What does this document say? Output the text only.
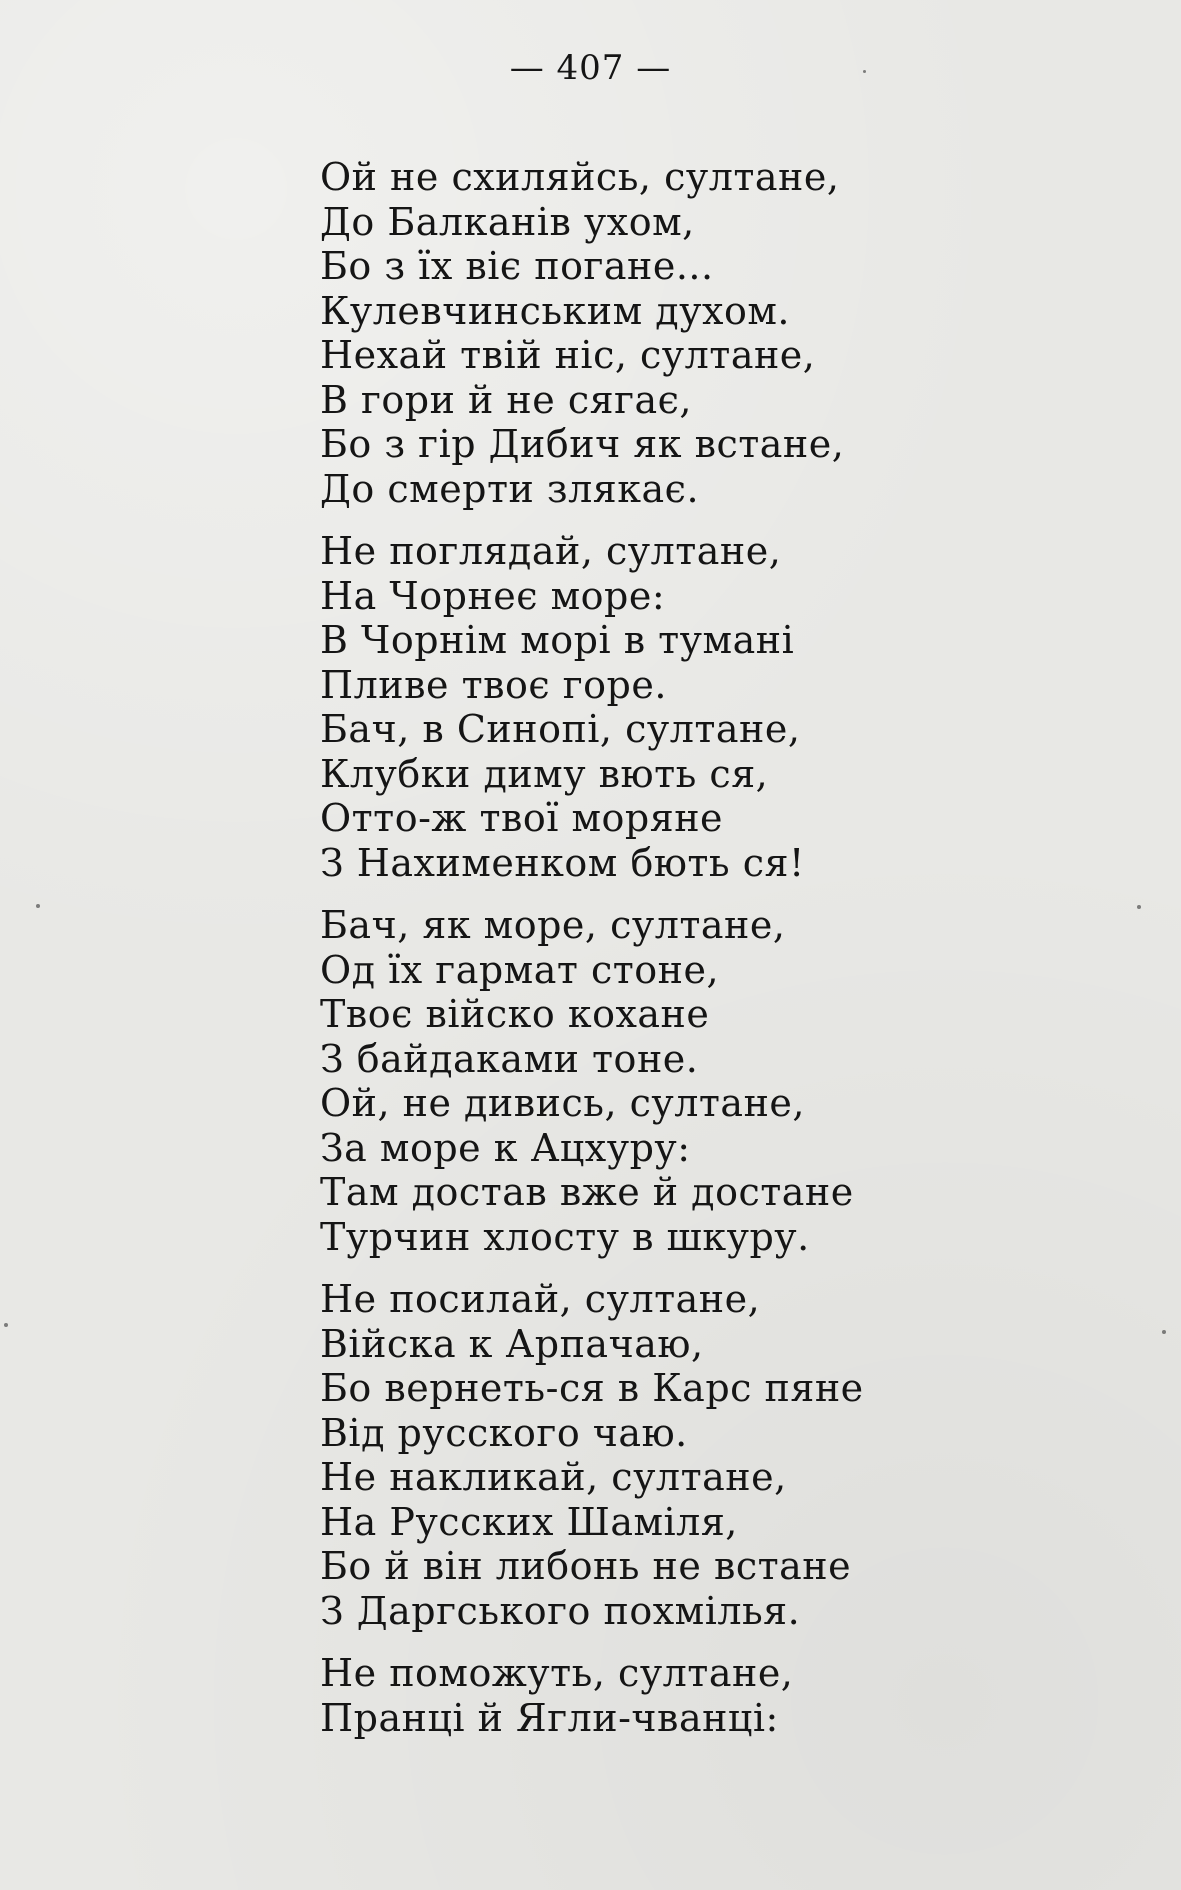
— 407 —
Ой не схиляйсь, султане,
До Балканів ухом,
Бо з їх віє погане...
Кулевчинським духом.
Нехай твій ніс, султане,
В гори й не сягає,
Бо з гір Дибич як встане,
До смерти злякає.
Не поглядай, султане,
На Чорнеє море:
В Чорнім морі в тумані
Пливе твоє горе.
Бач, в Синопі, султане,
Клубки диму вють ся,
Отто-ж твої моряне
З Нахименком бють ся!
Бач, як море, султане,
Од їх гармат стоне,
Твоє війско кохане
З байдаками тоне.
Ой, не дивись, султане,
За море к Ацхуру:
Там достав вже й достане
Турчин хлосту в шкуру.
Не посилай, султане,
Війска к Арпачаю,
Бо вернеть-ся в Карс пяне
Від русского чаю.
Не накликай, султане,
На Русских Шаміля,
Бо й він либонь не встане
З Даргського похмілья.
Не поможуть, султане,
Пранці й Ягли-чванці:
